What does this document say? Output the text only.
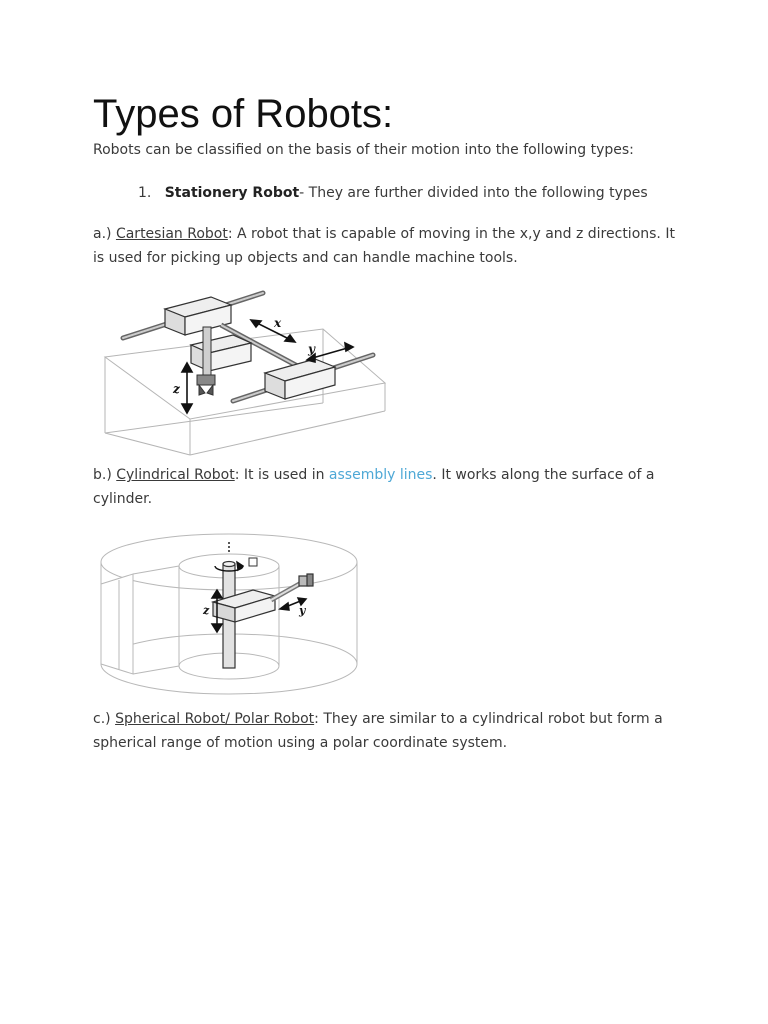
Types of Robots:

Robots can be classified on the basis of their motion into the following types:

1. Stationery Robot- They are further divided into the following types

a.) Cartesian Robot: A robot that is capable of moving in the x,y and z directions. It is used for picking up objects and can handle machine tools.

x
y
z

b.) Cylindrical Robot: It is used in assembly lines. It works along the surface of a cylinder.

z	y

c.) Spherical Robot/ Polar Robot: They are similar to a cylindrical robot but form a spherical range of motion using a polar coordinate system.
